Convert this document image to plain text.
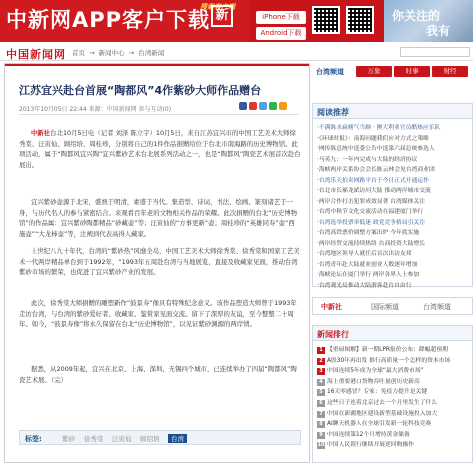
中新网APP客户下载
搜索客户端
新	iPhone下载
Android下载
你关注的
我有
中国新闻网 首页 → 新闻中心 → 台湾新闻
江苏宜兴赴台首展“陶都风”4作紫砂大师作品赠台
2013年10月05日 22:44 来源：中国新闻网 参与互动(0)

中新社台北10月5日电（记者 刘泽 陈立宇）10月5日，来自江苏宜兴市的中国工艺美术大师徐秀棠、汪寅仙、顾绍培、周桂珍，分别将自己的1件作品捐赠给位于台北市南海路的历史博物馆。此项活动，属于“陶都风宜兴陶”宜兴紫砂艺术台北展系列活动之一，也是“陶都风”陶瓷艺术展首次赴台展出。

宜兴紫砂壶源于北宋，盛熟于明清，素盛于当代。集造型、诗词、书法、绘画、篆刻诸艺于一身，与历代名人的参与紧密结合。来观看百年老的文物相关作品的荣耀。此次捐赠的台北“历史博物馆”的作品属：宜兴紫砂陶都精品“砂藏壶”等；汪寅仙的“方事更新”壶；周桂珍的“英雄同寿”壶“西施壶”“大龙柿壶”等，注阐到代表高得人藏家。

上世纪八九十年代，台湾的“紫砂热”风靡全岛，中国工艺美术大师徐秀棠、徐秀棠和国家工艺美术一代两岸精品单台到于1992年，“1993年五周赴台湾与当地展览，直接及收藏家见面，推动台湾紫砂市场的繁荣，也促进了宜兴紫砂产业的发展。

此次，徐秀棠大师捐赠的雕塑新作“鼓景寿”像具有特殊纪念意义。该作品塑造大师曾于1993年走访台湾，与台湾的紫砂爱好者、收藏家、鉴赏家见面交流。留下了深厚的友谊，至今整整二十周年。如今，“鼓景寿像”将永久保留在台北“历史博物馆”，以见证紫砂渊源的两岸情。

据悉，从2009年起，宜兴在北京、上海、深圳、无锡四个城市，已连续举办了四届“陶都风”陶瓷艺术展。（完）

标签:	紫砂 徐秀棠 汪寅仙 顾绍培	台湾
台湾频道	万象	时事	财经
阅读推荐
·不满陈水扁赌气当顺 · 澳大利亚官员酷热应乐队
·《环球时报》：南海问题我们应对方式之策略
·网传陈总统中选委公告中选第六届总统参选人
·马英九：一年内完成与大陆的经济协议
·海峡两岸关系协会会长陈云林会见台湾商业团
·台湾乐天拍卖网路平台于今日正式开通运作
·台北市长郝龙斌访问大陆 推动两岸城市交流
·两岸合作打击犯罪成效显著 台湾媒体关注
·台湾中秋节文化交流活动在福建厦门举行
·台湾选举投票率低迷 政党竞争格局引关注
·台湾高铁票价调整方案出炉 今年底实施
·两岸经贸交流持续热络 台商投资大陆增长
·台湾地区领导人就任后首次出访友邦
·台湾青年赴大陆就业创业人数逐年增加
·海峡论坛在厦门举行 两岸各界人士参加
·台湾观光局推动大陆游客赴台自由行
中新社	国际频道	台湾频道
新闻排行
1 【重磅图解】新一期LPR报价公布：降幅超预期
2 A股30年再出发 推行高质量一个怎样的资本市场
3 中国连续5年成为全球“最大消费市场”
4 海上重要港口货物吞吐量创历史新高
5 16天零感冒？专家：免疫力提升是关键
6 这些日子连着北京过去一个月里发生了什么
7 中国在新疆地区建设新型基础设施投入加大
8 AI聊天机器人在全球引发新一轮科技竞赛
9 中国连续第12个月增持黄金储备
10 中国人民银行继续开展逆回购操作
